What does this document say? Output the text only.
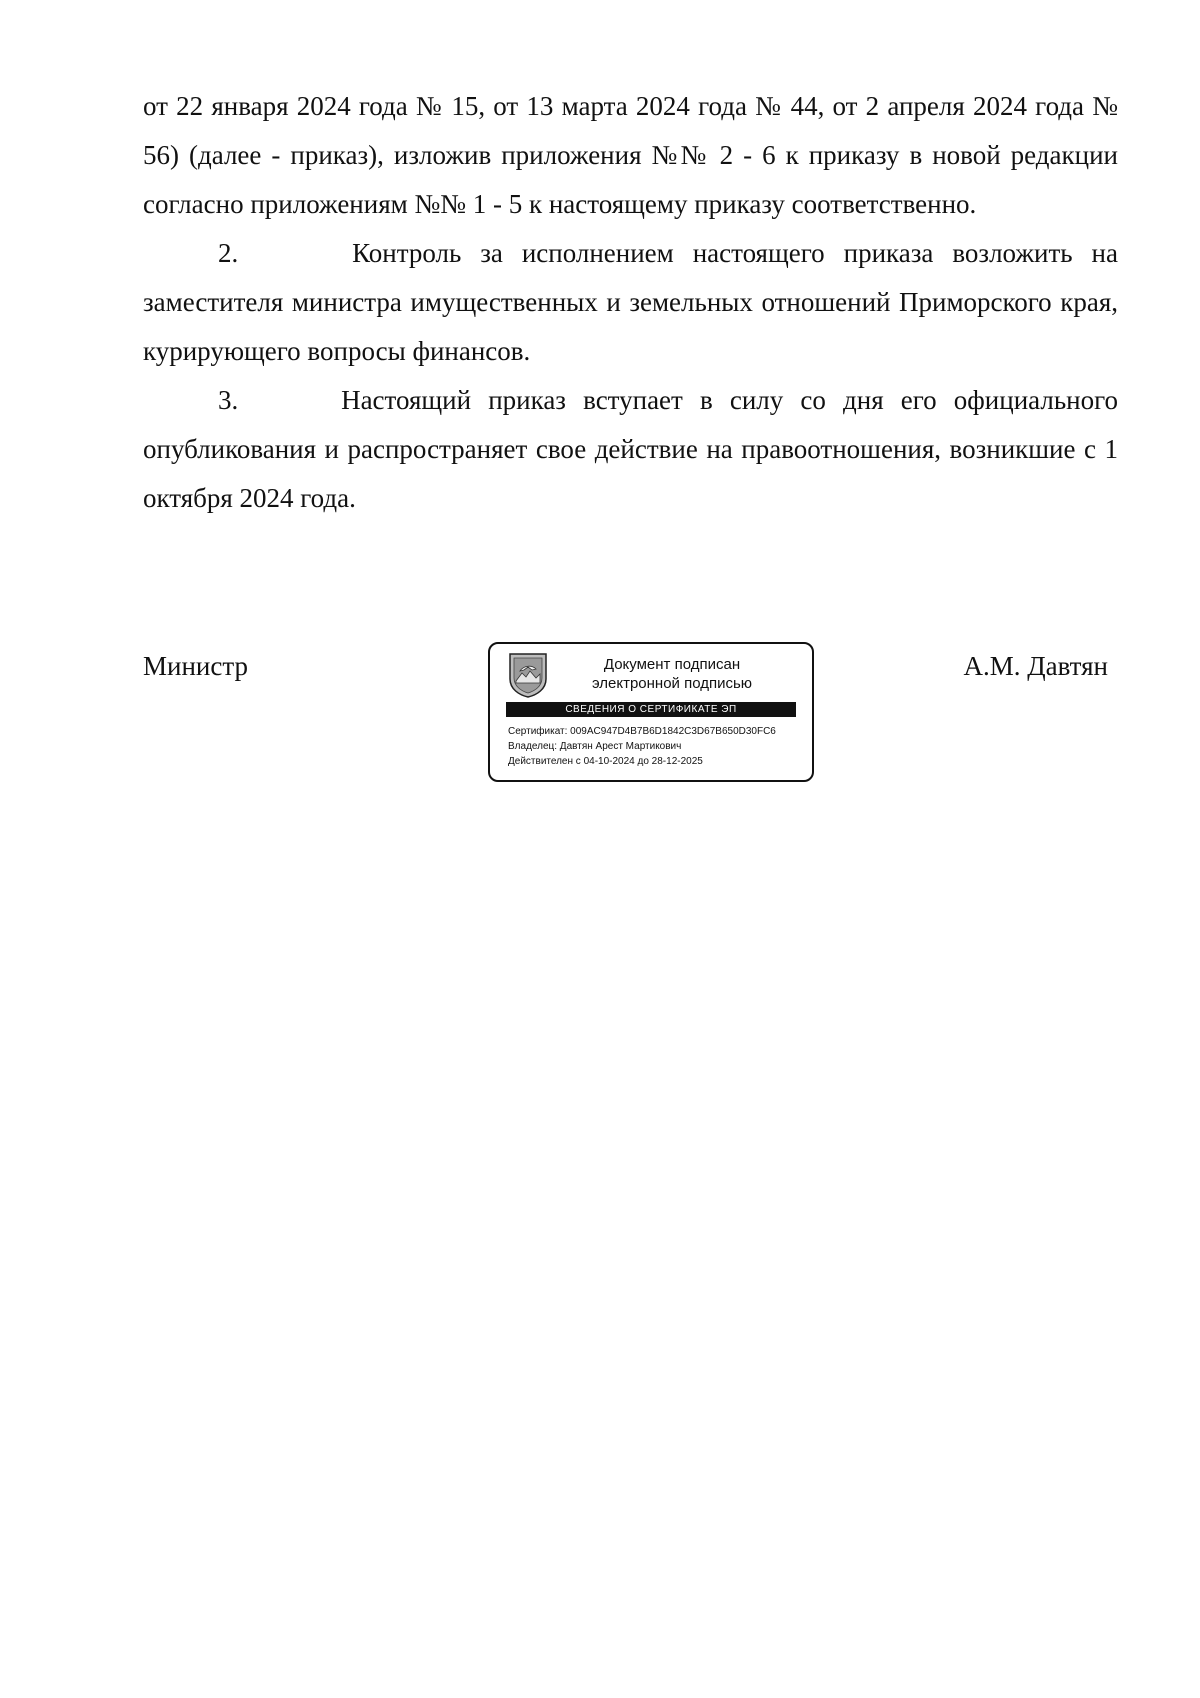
от 22 января 2024 года № 15, от 13 марта 2024 года № 44, от 2 апреля 2024 года № 56) (далее - приказ), изложив приложения №№ 2 - 6 к приказу в новой редакции согласно приложениям №№ 1 - 5 к настоящему приказу соответственно.

2.      Контроль за исполнением настоящего приказа возложить на заместителя министра имущественных и земельных отношений Приморского края, курирующего вопросы финансов.

3.      Настоящий приказ вступает в силу со дня его официального опубликования и распространяет свое действие на правоотношения, возникшие с 1 октября 2024 года.

Министр	Документ подписан
электронной подписью
СВЕДЕНИЯ О СЕРТИФИКАТЕ ЭП
Сертификат: 009AC947D4B7B6D1842C3D67B650D30FC6
Владелец: Давтян Арест Мартикович
Действителен с 04-10-2024 до 28-12-2025
А.М. Давтян
